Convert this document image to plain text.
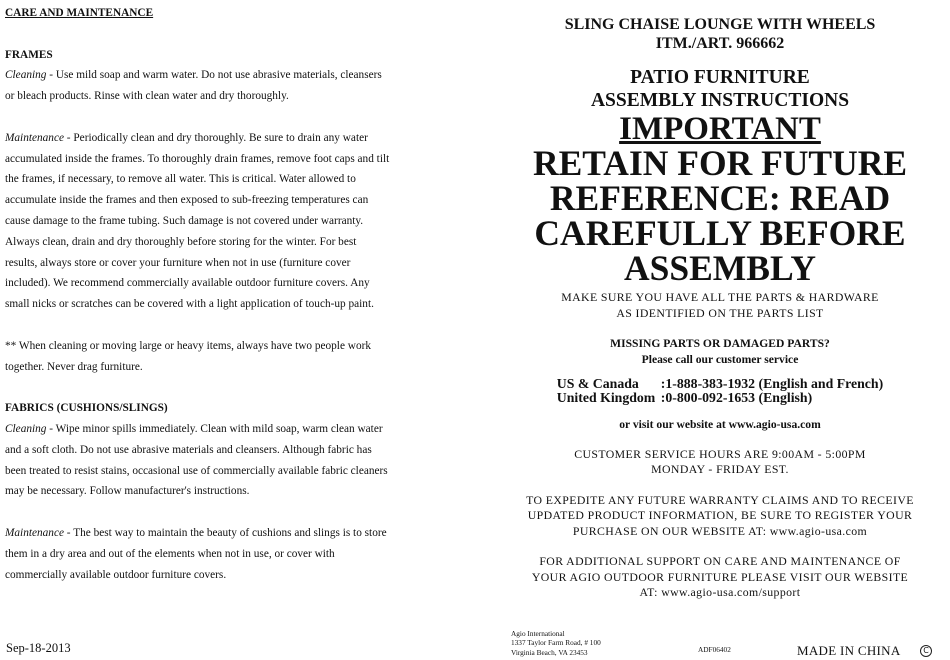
CARE AND MAINTENANCE

FRAMES

Cleaning - Use mild soap and warm water. Do not use abrasive materials, cleansers

or bleach products. Rinse with clean water and dry thoroughly.

Maintenance - Periodically clean and dry thoroughly. Be sure to drain any water

accumulated inside the frames. To thoroughly drain frames, remove foot caps and tilt

the frames, if necessary, to remove all water. This is critical. Water allowed to

accumulate inside the frames and then exposed to sub-freezing temperatures can

cause damage to the frame tubing. Such damage is not covered under warranty.

Always clean, drain and dry thoroughly before storing for the winter. For best

results, always store or cover your furniture when not in use (furniture cover

included). We recommend commercially available outdoor furniture covers. Any

small nicks or scratches can be covered with a light application of touch-up paint.

** When cleaning or moving large or heavy items, always have two people work

together. Never drag furniture.

FABRICS (CUSHIONS/SLINGS)

Cleaning - Wipe minor spills immediately. Clean with mild soap, warm clean water

and a soft cloth. Do not use abrasive materials and cleansers. Although fabric has

been treated to resist stains, occasional use of commercially available fabric cleaners

may be necessary. Follow manufacturer's instructions.

Maintenance - The best way to maintain the beauty of cushions and slings is to store

them in a dry area and out of the elements when not in use, or cover with

commercially available outdoor furniture covers.

Sep-18-2013
SLING CHAISE LOUNGE WITH WHEELS
ITM./ART. 966662
PATIO FURNITURE
ASSEMBLY INSTRUCTIONS
IMPORTANT
RETAIN FOR FUTURE
REFERENCE: READ
CAREFULLY BEFORE
ASSEMBLY
MAKE SURE YOU HAVE ALL THE PARTS & HARDWARE
AS IDENTIFIED ON THE PARTS LIST
MISSING PARTS OR DAMAGED PARTS?
Please call our customer service
US & Canada :1-888-383-1932 (English and French)
United Kingdom :0-800-092-1653 (English)
or visit our website at www.agio-usa.com
CUSTOMER SERVICE HOURS ARE 9:00AM - 5:00PM
MONDAY - FRIDAY EST.
TO EXPEDITE ANY FUTURE WARRANTY CLAIMS AND TO RECEIVE
UPDATED PRODUCT INFORMATION, BE SURE TO REGISTER YOUR
PURCHASE ON OUR WEBSITE AT: www.agio-usa.com
FOR ADDITIONAL SUPPORT ON CARE AND MAINTENANCE OF
YOUR AGIO OUTDOOR FURNITURE PLEASE VISIT OUR WEBSITE
AT: www.agio-usa.com/support
Agio International
1337 Taylor Farm Road, # 100
Virginia Beach, VA 23453	ADF06402	MADE IN CHINA	C
